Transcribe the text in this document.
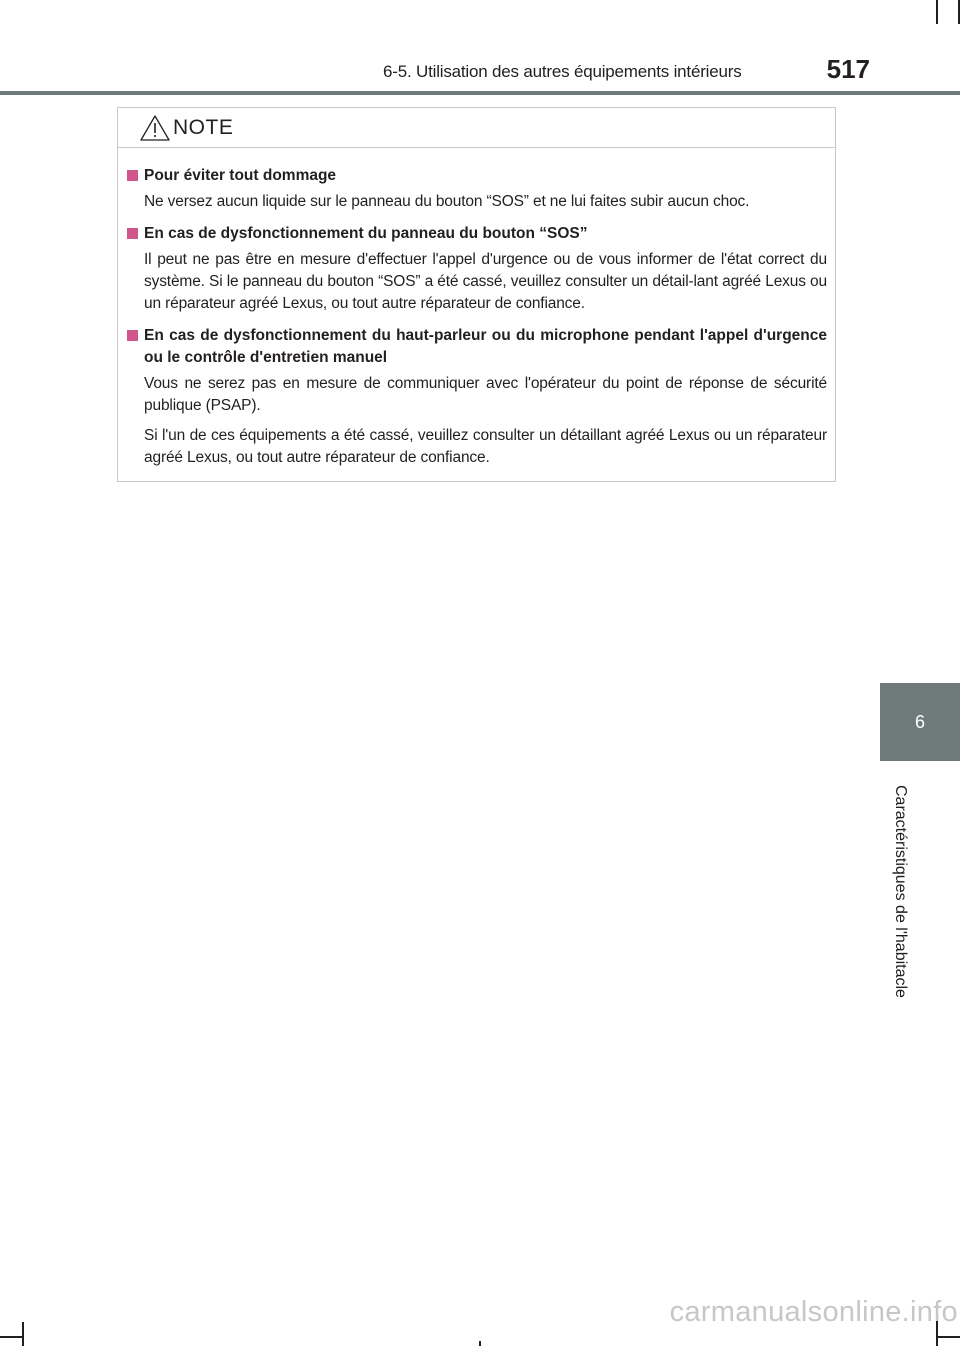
6-5. Utilisation des autres équipements intérieurs	517
6
Caractéristiques de l'habitacle
NOTE
Pour éviter tout dommage
Ne versez aucun liquide sur le panneau du bouton “SOS” et ne lui faites subir aucun choc.
En cas de dysfonctionnement du panneau du bouton “SOS”
Il peut ne pas être en mesure d'effectuer l'appel d'urgence ou de vous informer de l'état correct du système. Si le panneau du bouton “SOS” a été cassé, veuillez consulter un détail-lant agréé Lexus ou un réparateur agréé Lexus, ou tout autre réparateur de confiance.
En cas de dysfonctionnement du haut-parleur ou du microphone pendant l'appel d'urgence ou le contrôle d'entretien manuel
Vous ne serez pas en mesure de communiquer avec l'opérateur du point de réponse de sécurité publique (PSAP).
Si l'un de ces équipements a été cassé, veuillez consulter un détaillant agréé Lexus ou un réparateur agréé Lexus, ou tout autre réparateur de confiance.
carmanualsonline.info
